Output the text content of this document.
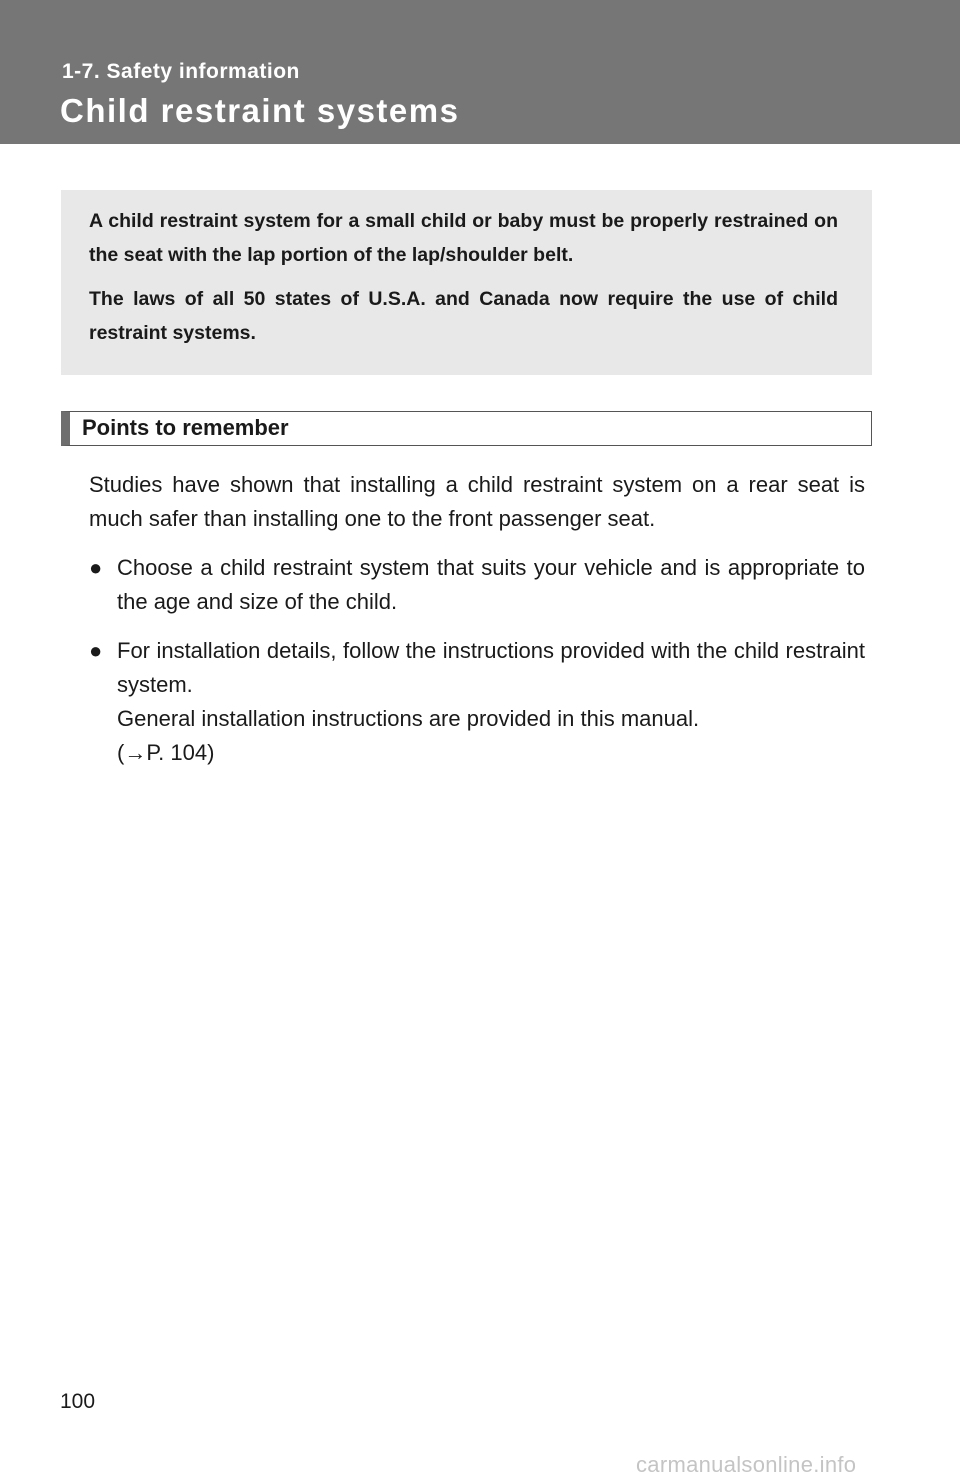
1-7. Safety information
Child restraint systems

A child restraint system for a small child or baby must be properly restrained on the seat with the lap portion of the lap/shoulder belt.

The laws of all 50 states of U.S.A. and Canada now require the use of child restraint systems.

Points to remember
Studies have shown that installing a child restraint system on a rear seat is much safer than installing one to the front passenger seat.
● Choose a child restraint system that suits your vehicle and is appropriate to the age and size of the child.
● For installation details, follow the instructions provided with the child restraint system.
General installation instructions are provided in this manual.
(→P. 104)
100
carmanualsonline.info
